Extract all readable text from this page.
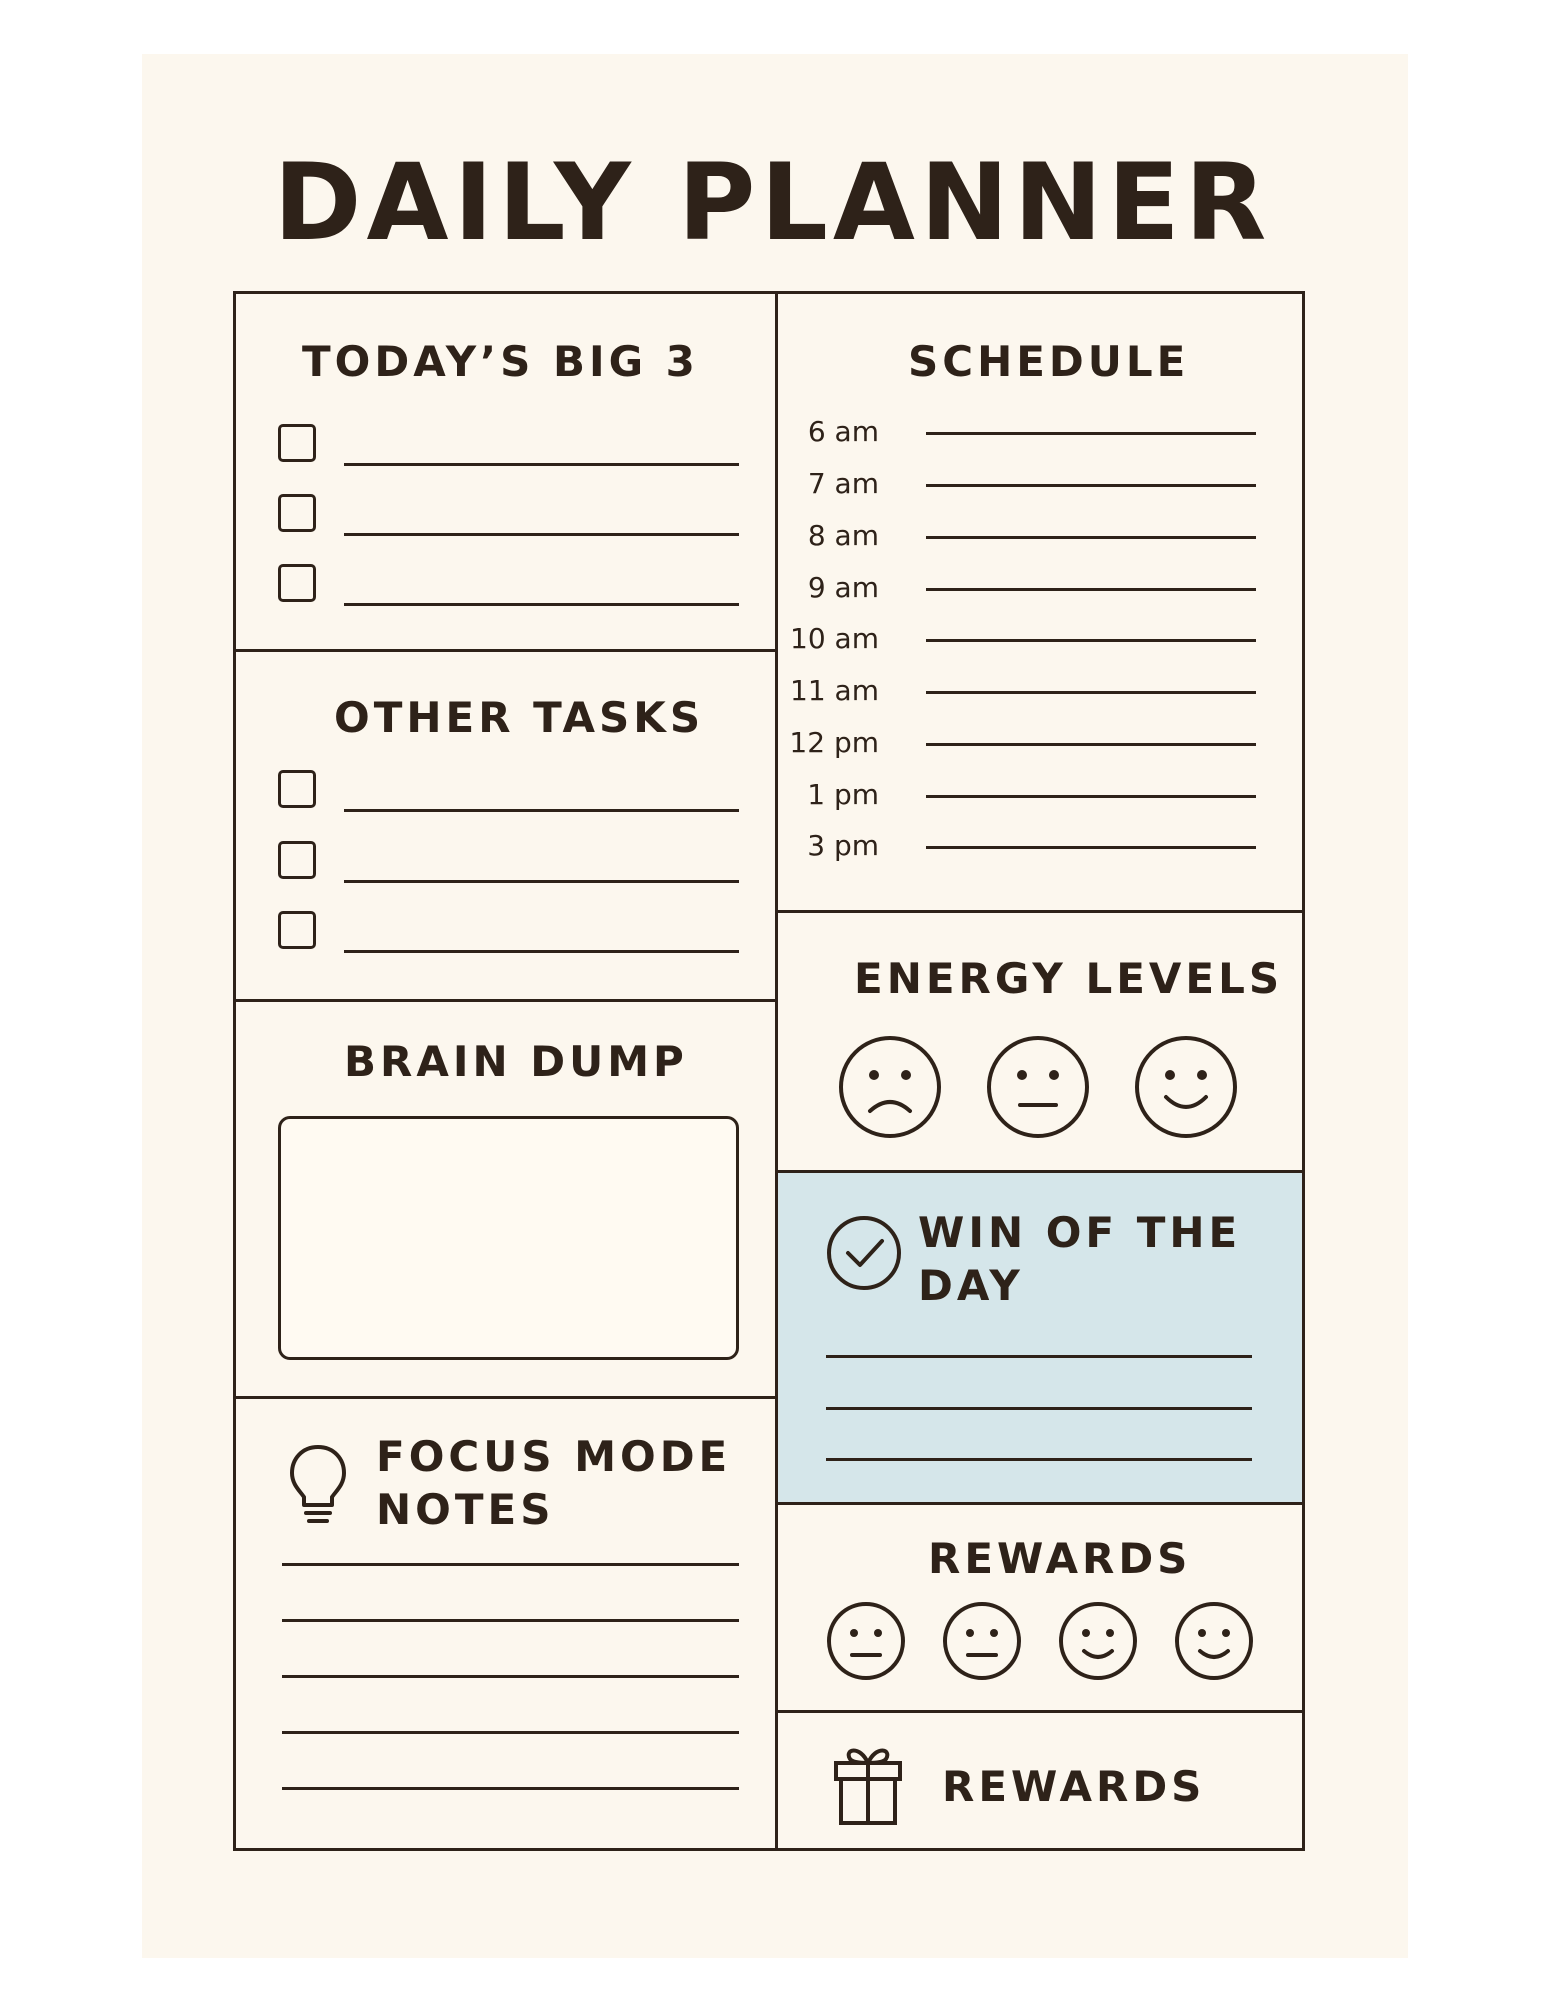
DAILY PLANNER
TODAY’S BIG 3
OTHER TASKS
BRAIN DUMP
FOCUS MODE
NOTES
SCHEDULE
6 am
7 am
8 am
9 am
10 am
11 am
12 pm
1 pm
3 pm
ENERGY LEVELS
WIN OF THE
DAY
REWARDS
REWARDS
